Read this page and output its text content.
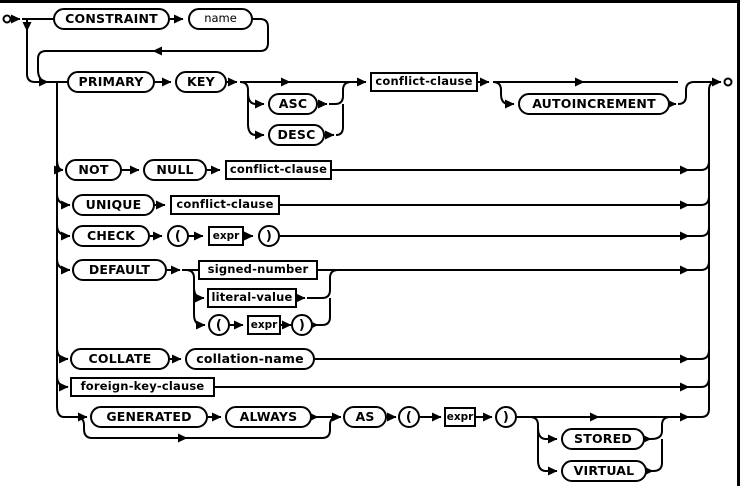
CONSTRAINT	name
PRIMARY	KEY
ASC
DESC
conflict-clause
AUTOINCREMENT
NOT	NULL	conflict-clause
UNIQUE	conflict-clause
CHECK	(	expr	)
DEFAULT	signed-number
literal-value
(	expr	)
COLLATE	collation-name
foreign-key-clause
GENERATED	ALWAYS	AS	(	expr	)
STORED
VIRTUAL
